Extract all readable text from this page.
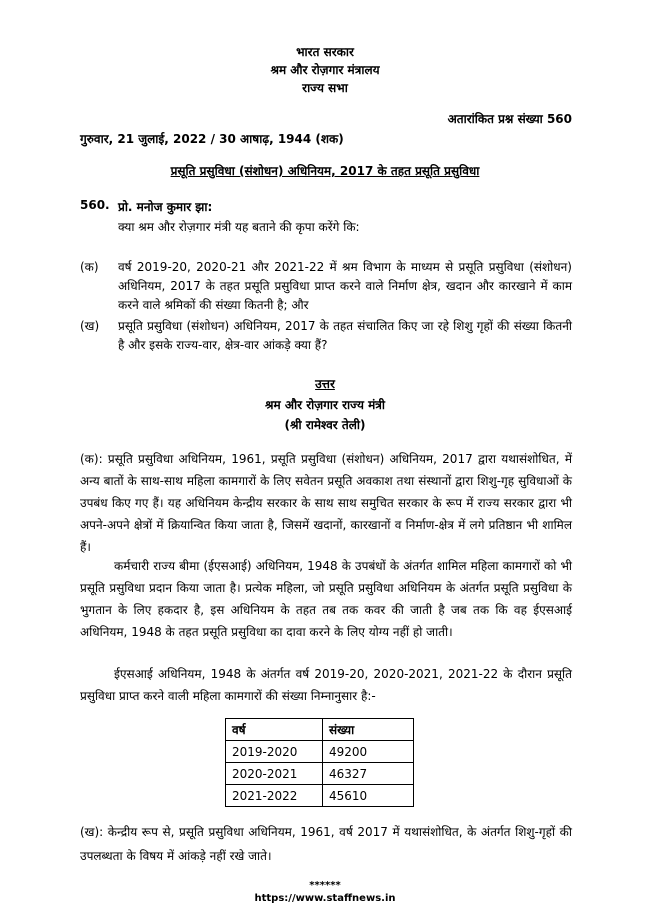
भारत सरकार
श्रम और रोज़गार मंत्रालय
राज्य सभा
अतारांकित प्रश्न संख्या 560
गुरुवार, 21 जुलाई, 2022 / 30 आषाढ़, 1944 (शक)
प्रसूति प्रसुविधा (संशोधन) अधिनियम, 2017 के तहत प्रसूति प्रसुविधा
560. प्रो. मनोज कुमार झा:
क्या श्रम और रोज़गार मंत्री यह बताने की कृपा करेंगे कि:
(क) वर्ष 2019-20, 2020-21 और 2021-22 में श्रम विभाग के माध्यम से प्रसूति प्रसुविधा (संशोधन) अधिनियम, 2017 के तहत प्रसूति प्रसुविधा प्राप्त करने वाले निर्माण क्षेत्र, खदान और कारखाने में काम करने वाले श्रमिकों की संख्या कितनी है; और
(ख) प्रसूति प्रसुविधा (संशोधन) अधिनियम, 2017 के तहत संचालित किए जा रहे शिशु गृहों की संख्या कितनी है और इसके राज्य-वार, क्षेत्र-वार आंकड़े क्या हैं?
उत्तर
श्रम और रोज़गार राज्य मंत्री
(श्री रामेश्वर तेली)
(क): प्रसूति प्रसुविधा अधिनियम, 1961, प्रसूति प्रसुविधा (संशोधन) अधिनियम, 2017 द्वारा यथासंशोधित, में अन्य बातों के साथ-साथ महिला कामगारों के लिए सवेतन प्रसूति अवकाश तथा संस्थानों द्वारा शिशु-गृह सुविधाओं के उपबंध किए गए हैं। यह अधिनियम केन्द्रीय सरकार के साथ साथ समुचित सरकार के रूप में राज्य सरकार द्वारा भी अपने-अपने क्षेत्रों में क्रियान्वित किया जाता है, जिसमें खदानों, कारखानों व निर्माण-क्षेत्र में लगे प्रतिष्ठान भी शामिल हैं।
कर्मचारी राज्य बीमा (ईएसआई) अधिनियम, 1948 के उपबंधों के अंतर्गत शामिल महिला कामगारों को भी प्रसूति प्रसुविधा प्रदान किया जाता है। प्रत्येक महिला, जो प्रसूति प्रसुविधा अधिनियम के अंतर्गत प्रसूति प्रसुविधा के भुगतान के लिए हकदार है, इस अधिनियम के तहत तब तक कवर की जाती है जब तक कि वह ईएसआई अधिनियम, 1948 के तहत प्रसूति प्रसुविधा का दावा करने के लिए योग्य नहीं हो जाती।
ईएसआई अधिनियम, 1948 के अंतर्गत वर्ष 2019-20, 2020-2021, 2021-22 के दौरान प्रसूति प्रसुविधा प्राप्त करने वाली महिला कामगारों की संख्या निम्नानुसार है:-
वर्ष	संख्या
2019-2020	49200
2020-2021	46327
2021-2022	45610
(ख): केन्द्रीय रूप से, प्रसूति प्रसुविधा अधिनियम, 1961, वर्ष 2017 में यथासंशोधित, के अंतर्गत शिशु-गृहों की उपलब्धता के विषय में आंकड़े नहीं रखे जाते।
******
https://www.staffnews.in
